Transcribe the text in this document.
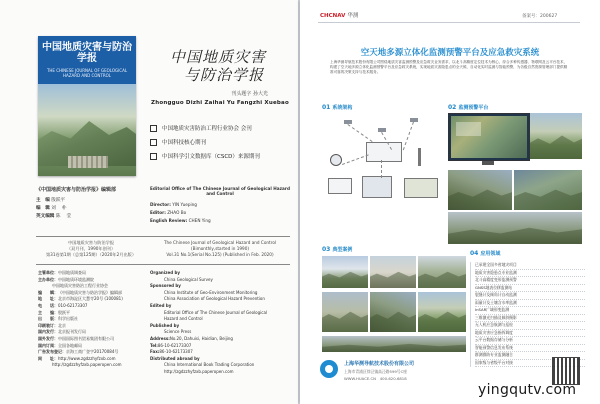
中国地质灾害与防治学报
THE CHINESE JOURNAL OF GEOLOGICAL HAZARD AND CONTROL
中国地质灾害
与防治学报
刊头题字 孙大光
Zhongguo Dizhi Zaihai Yu Fangzhi Xuebao
中国地质灾害防治工程行业协会 会刊
中国科技核心期刊
中国科学引文数据库（CSCD）来源期刊
《中国地质灾害与防治学报》编辑部
主　编 殷跃平
编　辑 刘　 朴
英文编辑 陈　 莹
Editorial Office of The Chinese Journal of Geological Hazard and Control
Director: YIN Yueping
Editor: ZHAO Bo
English Review: CHEN Ying
中国地质灾害与防治学报
（双月刊，1990年创刊）
第31卷第1期（总第125期）（2020年2月出版）
The Chinese Journal of Geological Hazard and Control
(Bimonthly,started in 1990)
Vol.31 No.1(Serial No.125) (Published in Feb. 2020)
主管单位：中国地质调查局
主办单位：中国地质环境监测院
中国地质灾害防治工程行业协会
编　　辑：《中国地质灾害与防治学报》编辑部
地　　址：北京市海淀区大慧寺20号 (100081)
电　　话：010-62173307
主　　编：殷跃平
出　　版：科学出版社
印刷装订：北京
国内发行：北京报刊发行局
国外发行：中国国际图书贸易集团有限公司
国内订阅：全国各地邮局
广告发布登记：京海工商广登字20170084号
网　　址：http://www.zgdzzhyfzxb.com
http://zgdzzhyfzxb.paperopen.com
Organized by
China Geological Survey
Sponsored by
China Institute of Geo-Environment Monitoring
China Association of Geological Hazard Prevention
Edited by
Editorial Office of The Chinese Journal of Geological
Hazard and Control
Published by
Science Press
Address:No.20, Dahuisi, Haidian, Beijing
Tel:86-10-62173307
Fax:86-10-62173307
Distributed abroad by
China International Book Trading Corporation
http://zgdzzhyfzxb.paperopen.com
CHCNAV 华测	备案号：200627
空天地多源立体化监测预警平台及应急救灾系统
上海华测导航技术股份有限公司围绕地质灾害监测预警及应急救灾业务需求，以北斗高精度定位技术为核心，综合多种传感器、物联网及云平台技术，构建了空天地多源立体化监测预警平台及应急救灾系统，实现地质灾害隐患点的全天候、自动化实时监测与智能预警，为各级自然资源管理部门提供精准可靠的决策支持与技术服务。
01 系统架构	02 监测预警平台
03 典型案例	04 应用领域
已承建全国多省地灾项目
地质灾害隐患点专业监测
北斗高精度变形监测预警
GNSS地表位移监测站
裂缝计及倾角计自动监测
雨量计及土壤含水率监测
InSAR广域形变监测
三维激光扫描及倾斜摄影
无人机应急航测与巡检
地质灾害应急指挥调度
云平台数据存储与分析
智能预警信息发布系统
群测群防专业监测融合
国家级与省级平台对接
上海华测导航技术股份有限公司
上海市青浦区徐泾镇高泾路599号C座
WWW.HUACE.CN　400-620-6818
yingqutv.com
